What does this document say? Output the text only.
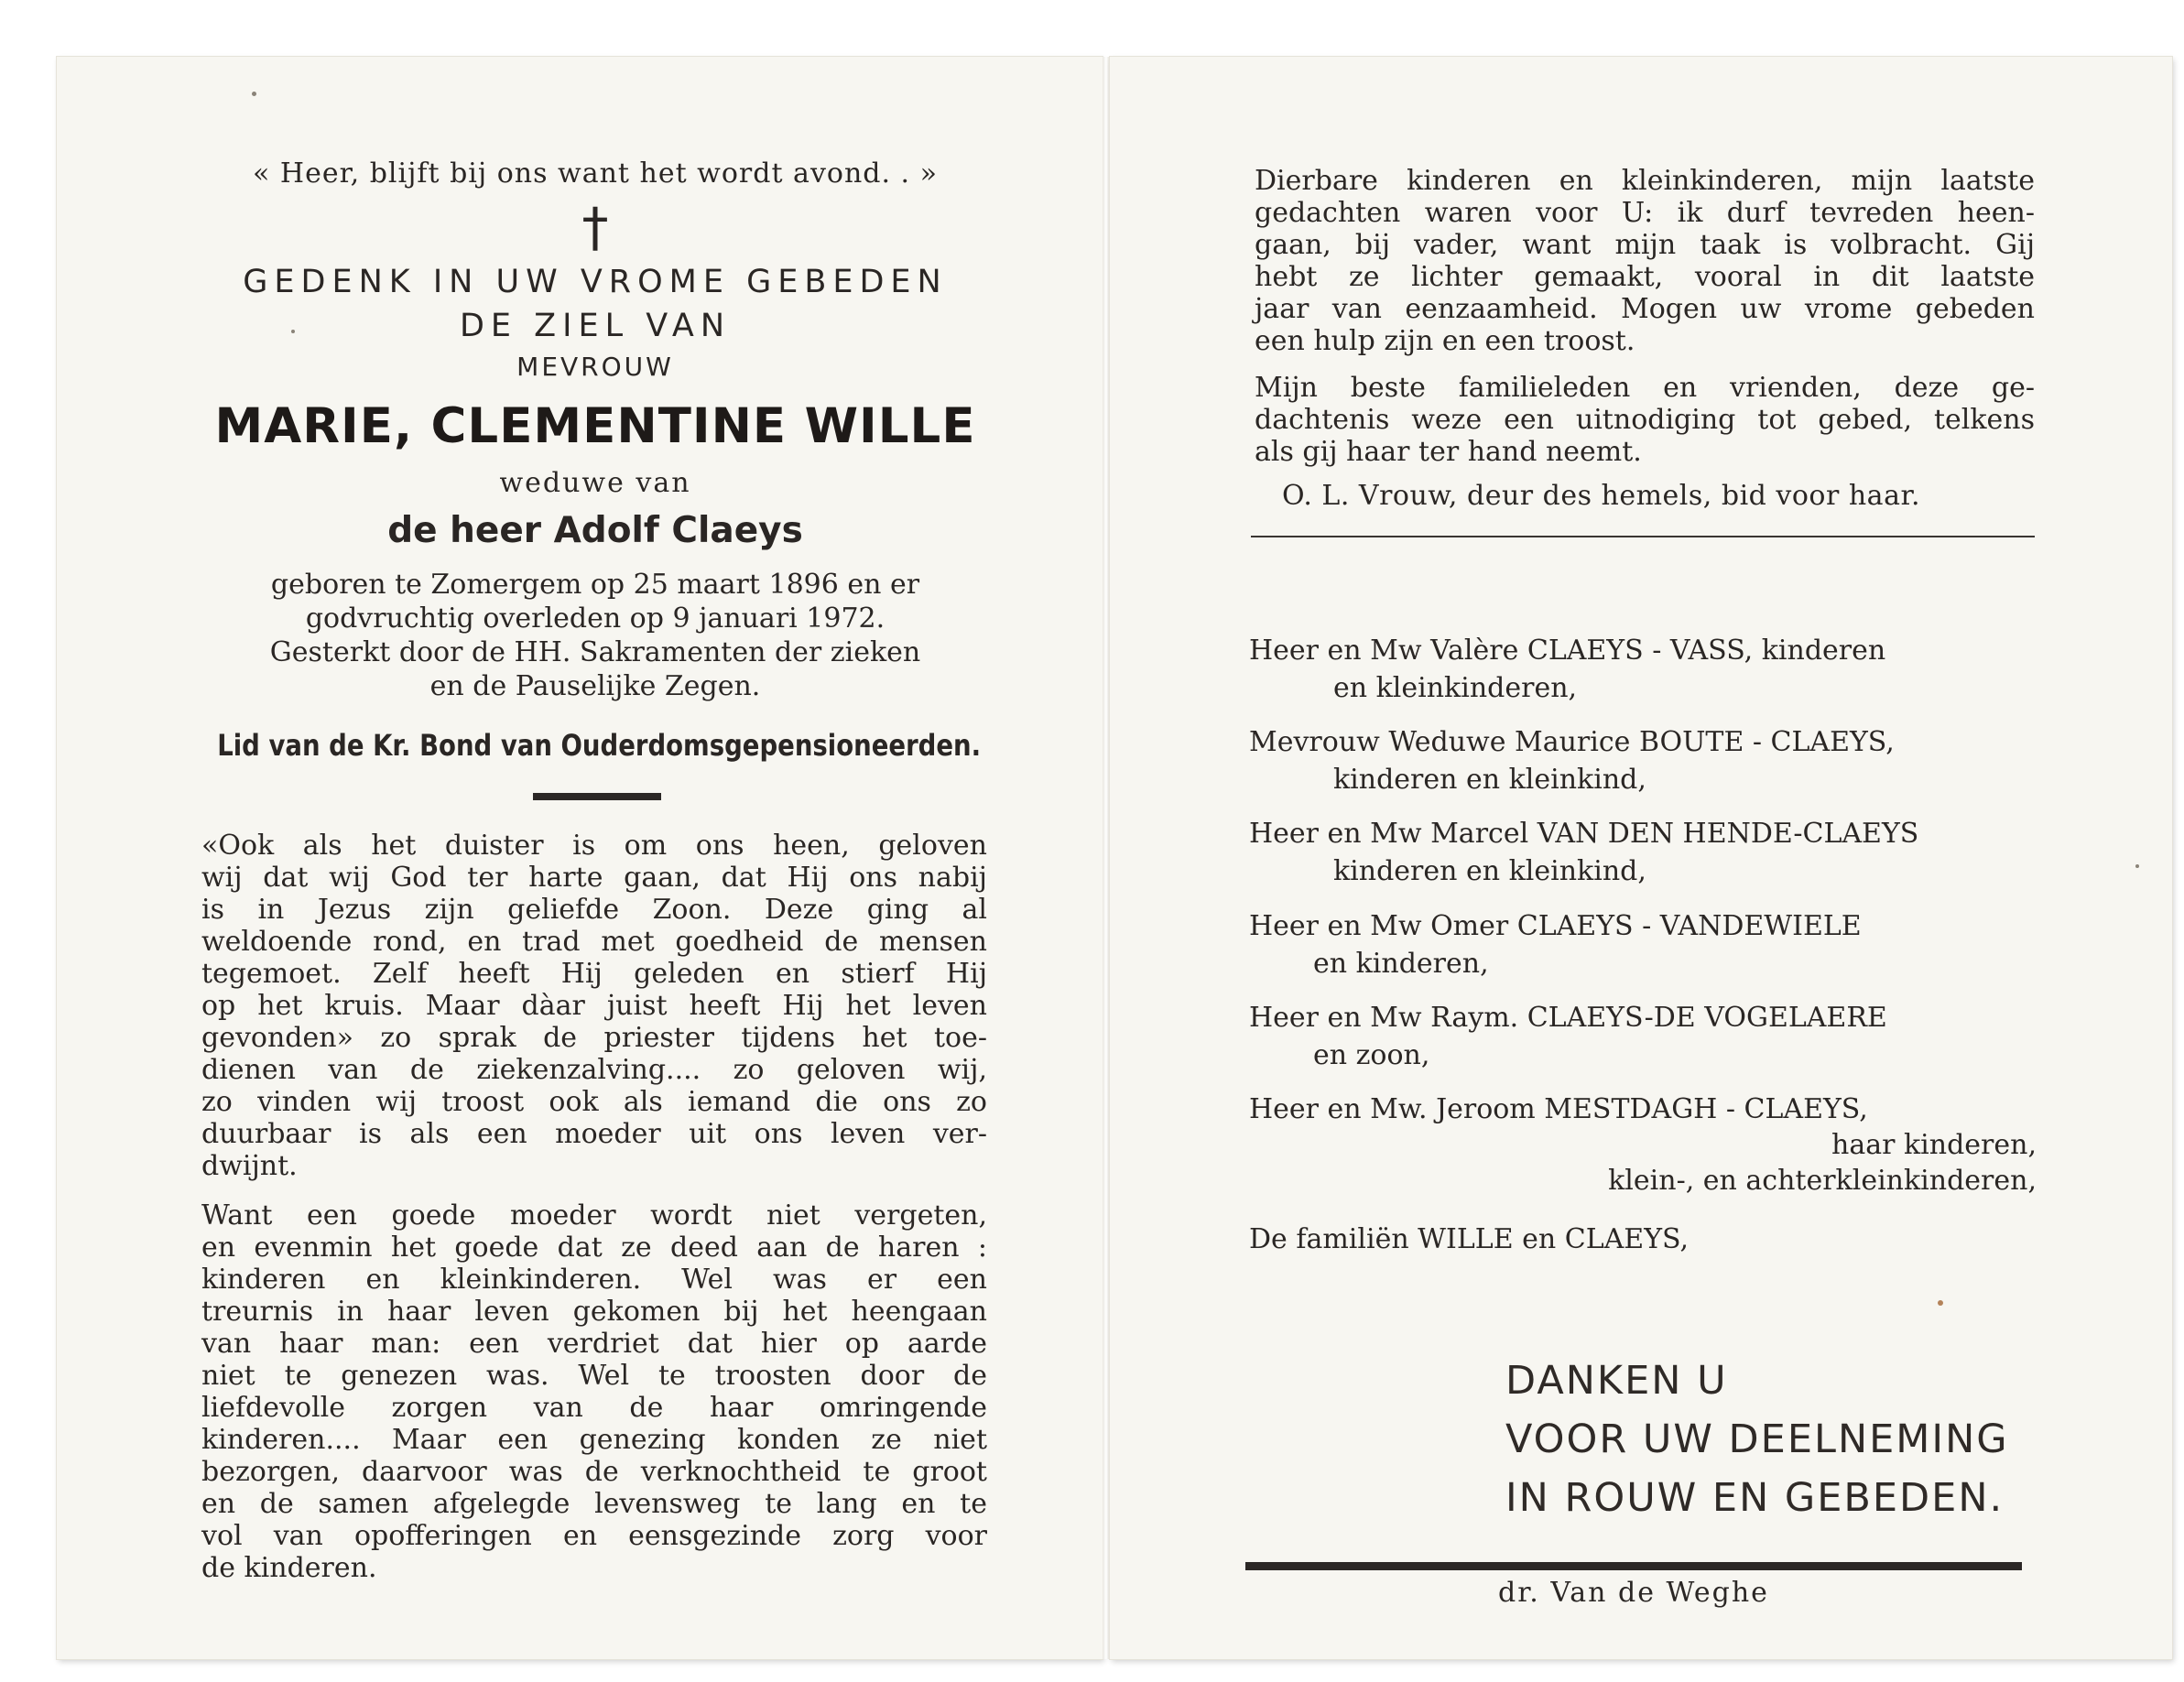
« Heer, blijft bij ons want het wordt avond. . »
†
GEDENK IN UW VROME GEBEDEN
DE ZIEL VAN
MEVROUW
MARIE, CLEMENTINE WILLE
weduwe van
de heer Adolf Claeys
geboren te Zomergem op 25 maart 1896 en er
godvruchtig overleden op 9 januari 1972.
Gesterkt door de HH. Sakramenten der zieken
en de Pauselijke Zegen.
Lid van de Kr. Bond van Ouderdomsgepensioneerden.
«Ook als het duister is om ons heen, geloven
wij dat wij God ter harte gaan, dat Hij ons nabij
is in Jezus zijn geliefde Zoon. Deze ging al
weldoende rond, en trad met goedheid de mensen
tegemoet. Zelf heeft Hij geleden en stierf Hij
op het kruis. Maar dàar juist heeft Hij het leven
gevonden» zo sprak de priester tijdens het toe-
dienen van de ziekenzalving.... zo geloven wij,
zo vinden wij troost ook als iemand die ons zo
duurbaar is als een moeder uit ons leven ver-
dwijnt.
Want een goede moeder wordt niet vergeten,
en evenmin het goede dat ze deed aan de haren :
kinderen en kleinkinderen. Wel was er een
treurnis in haar leven gekomen bij het heengaan
van haar man: een verdriet dat hier op aarde
niet te genezen was. Wel te troosten door de
liefdevolle zorgen van de haar omringende
kinderen.... Maar een genezing konden ze niet
bezorgen, daarvoor was de verknochtheid te groot
en de samen afgelegde levensweg te lang en te
vol van opofferingen en eensgezinde zorg voor
de kinderen.
Dierbare kinderen en kleinkinderen, mijn laatste
gedachten waren voor U: ik durf tevreden heen-
gaan, bij vader, want mijn taak is volbracht. Gij
hebt ze lichter gemaakt, vooral in dit laatste
jaar van eenzaamheid. Mogen uw vrome gebeden
een hulp zijn en een troost.
Mijn beste familieleden en vrienden, deze ge-
dachtenis weze een uitnodiging tot gebed, telkens
als gij haar ter hand neemt.
O. L. Vrouw, deur des hemels, bid voor haar.
Heer en Mw Valère CLAEYS - VASS, kinderen
en kleinkinderen,
Mevrouw Weduwe Maurice BOUTE - CLAEYS,
kinderen en kleinkind,
Heer en Mw Marcel VAN DEN HENDE-CLAEYS
kinderen en kleinkind,
Heer en Mw Omer CLAEYS - VANDEWIELE
en kinderen,
Heer en Mw Raym. CLAEYS-DE VOGELAERE
en zoon,
Heer en Mw. Jeroom MESTDAGH - CLAEYS,
haar kinderen,
klein-, en achterkleinkinderen,
De familiën WILLE en CLAEYS,
DANKEN U
VOOR UW DEELNEMING
IN ROUW EN GEBEDEN.
dr. Van de Weghe
